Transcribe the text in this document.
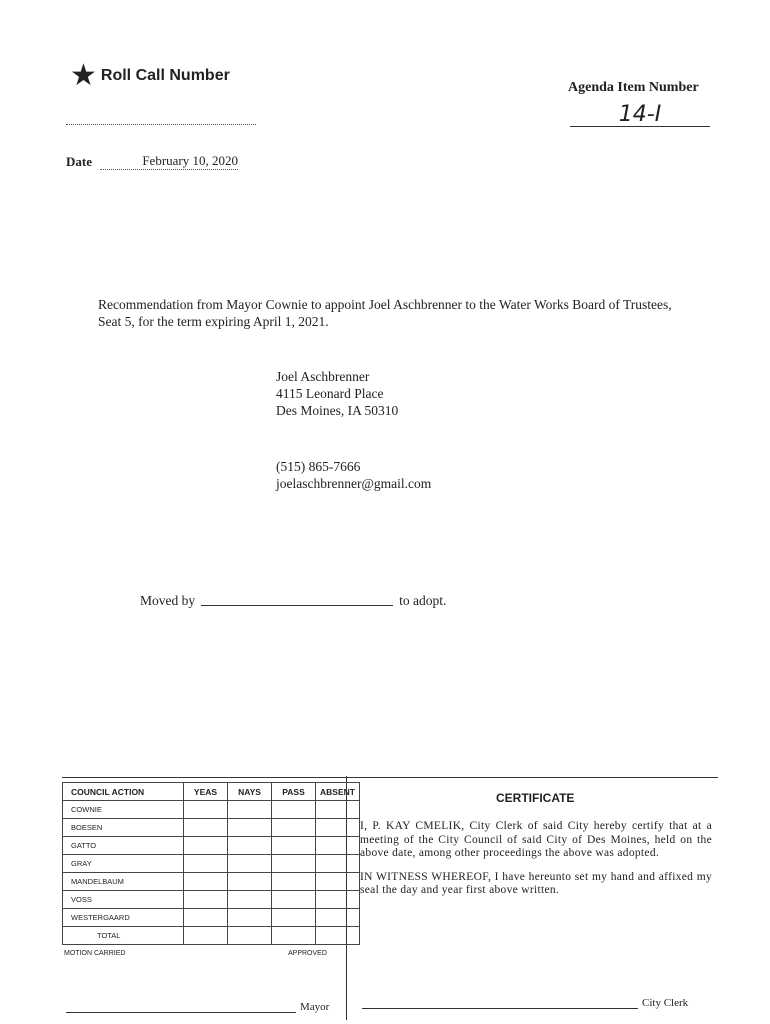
★ Roll Call Number
Agenda Item Number
14-I
Date	February 10, 2020
Recommendation from Mayor Cownie to appoint Joel Aschbrenner to the Water Works Board of Trustees, Seat 5, for the term expiring April 1, 2021.
Joel Aschbrenner
4115 Leonard Place
Des Moines, IA 50310
(515) 865-7666
joelaschbrenner@gmail.com
Moved by	to adopt.
COUNCIL ACTION	YEAS	NAYS	PASS	ABSENT
COWNIE				
BOESEN				
GATTO				
GRAY				
MANDELBAUM				
VOSS				
WESTERGAARD				
TOTAL				
MOTION CARRIED	APPROVED
Mayor
CERTIFICATE

I, P. KAY CMELIK, City Clerk of said City hereby certify that at a meeting of the City Council of said City of Des Moines, held on the above date, among other proceedings the above was adopted.

IN WITNESS WHEREOF, I have hereunto set my hand and affixed my seal the day and year first above written.

City Clerk
